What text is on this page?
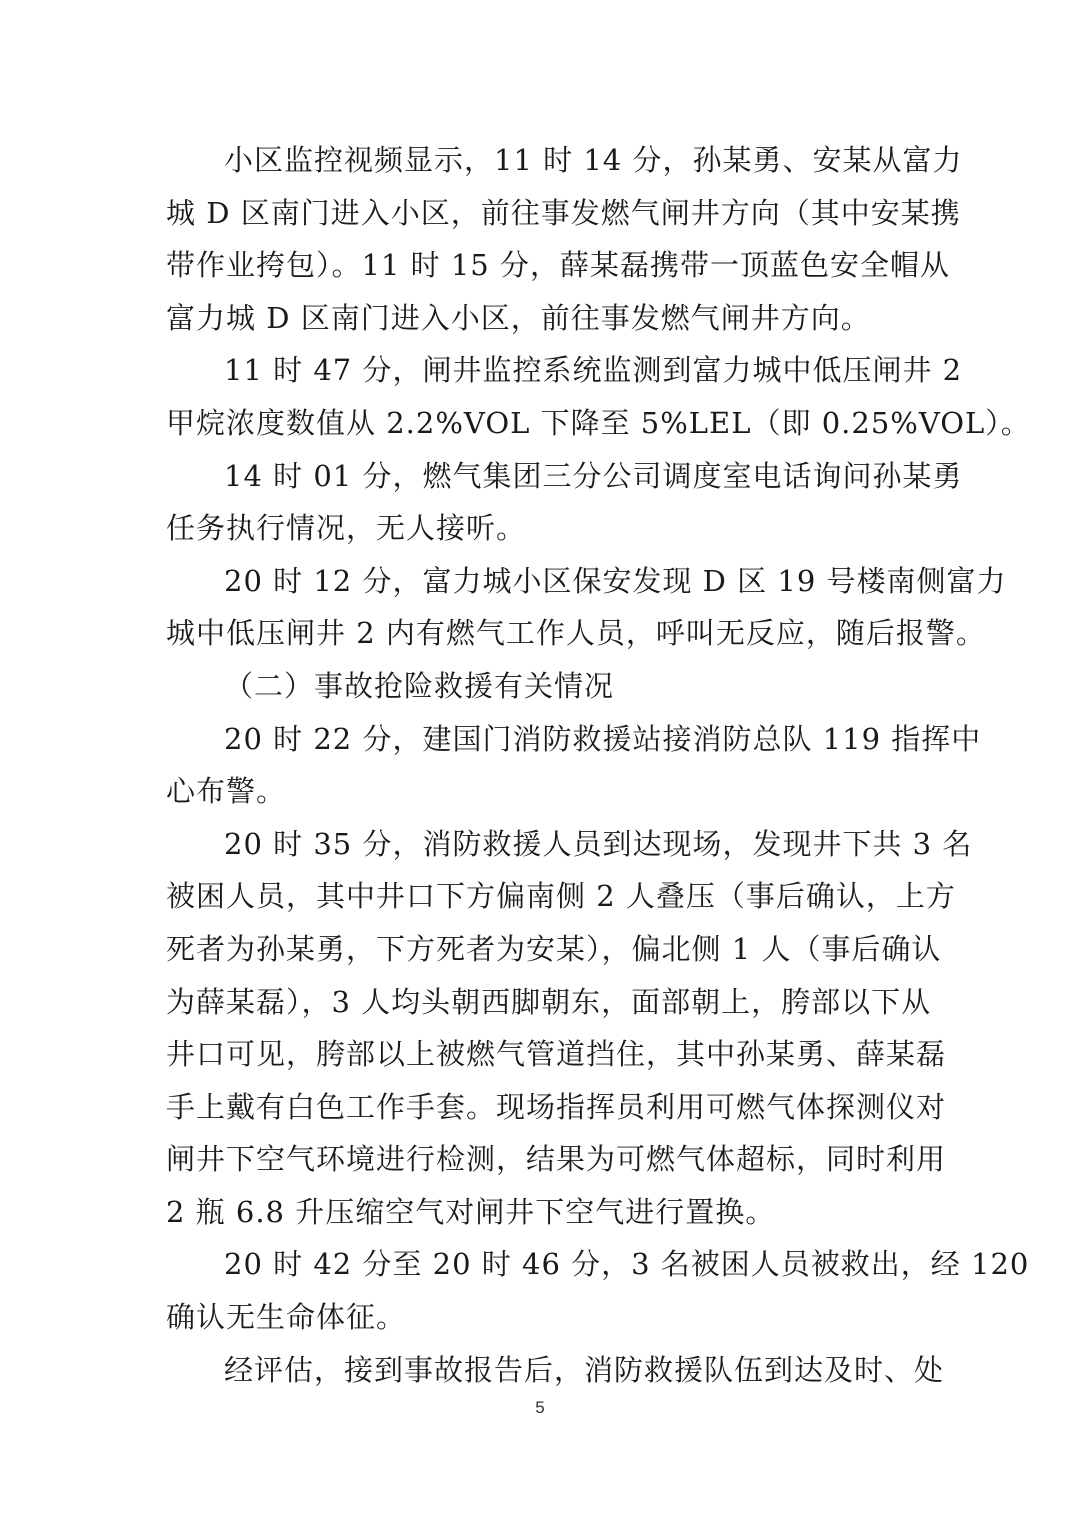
小区监控视频显示，11 时 14 分，孙某勇、安某从富力
城 D 区南门进入小区，前往事发燃气闸井方向（其中安某携
带作业挎包）。11 时 15 分，薛某磊携带一顶蓝色安全帽从
富力城 D 区南门进入小区，前往事发燃气闸井方向。
11 时 47 分，闸井监控系统监测到富力城中低压闸井 2
甲烷浓度数值从 2.2%VOL 下降至 5%LEL（即 0.25%VOL）。
14 时 01 分，燃气集团三分公司调度室电话询问孙某勇
任务执行情况，无人接听。
20 时 12 分，富力城小区保安发现 D 区 19 号楼南侧富力
城中低压闸井 2 内有燃气工作人员，呼叫无反应，随后报警。
（二）事故抢险救援有关情况
20 时 22 分，建国门消防救援站接消防总队 119 指挥中
心布警。
20 时 35 分，消防救援人员到达现场，发现井下共 3 名
被困人员，其中井口下方偏南侧 2 人叠压（事后确认，上方
死者为孙某勇，下方死者为安某），偏北侧 1 人（事后确认
为薛某磊），3 人均头朝西脚朝东，面部朝上，胯部以下从
井口可见，胯部以上被燃气管道挡住，其中孙某勇、薛某磊
手上戴有白色工作手套。现场指挥员利用可燃气体探测仪对
闸井下空气环境进行检测，结果为可燃气体超标，同时利用
2 瓶 6.8 升压缩空气对闸井下空气进行置换。
20 时 42 分至 20 时 46 分，3 名被困人员被救出，经 120
确认无生命体征。
经评估，接到事故报告后，消防救援队伍到达及时、处
5
